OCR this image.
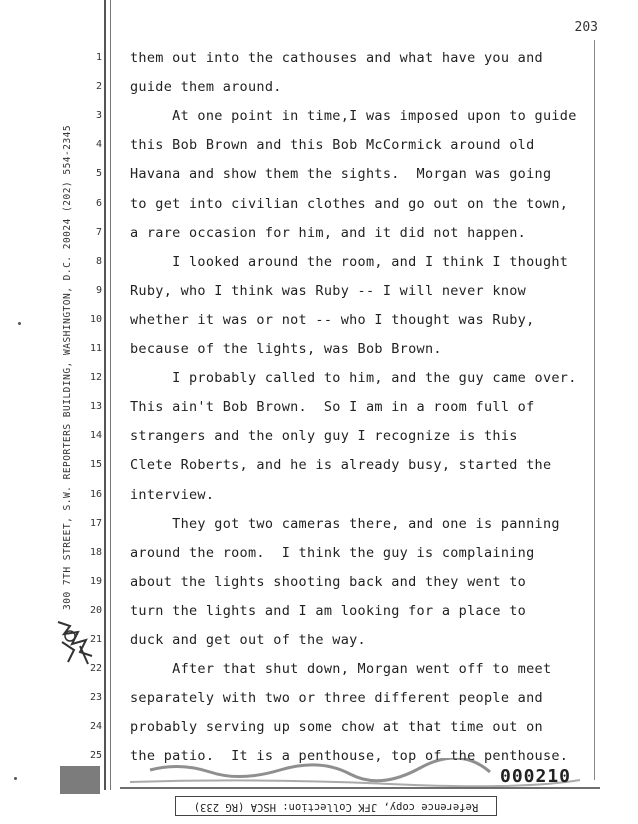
203
300 7TH STREET, S.W. REPORTERS BUILDING, WASHINGTON, D.C. 20024 (202) 554-2345
1 them out into the cathouses and what have you and
2 guide them around.
3 At one point in time,I was imposed upon to guide
4 this Bob Brown and this Bob McCormick around old
5 Havana and show them the sights.  Morgan was going
6 to get into civilian clothes and go out on the town,
7 a rare occasion for him, and it did not happen.
8 I looked around the room, and I think I thought
9 Ruby, who I think was Ruby -- I will never know
10 whether it was or not -- who I thought was Ruby,
11 because of the lights, was Bob Brown.
12 I probably called to him, and the guy came over.
13 This ain't Bob Brown.  So I am in a room full of
14 strangers and the only guy I recognize is this
15 Clete Roberts, and he is already busy, started the
16 interview.
17 They got two cameras there, and one is panning
18 around the room.  I think the guy is complaining
19 about the lights shooting back and they went to
20 turn the lights and I am looking for a place to
21 duck and get out of the way.
22 After that shut down, Morgan went off to meet
23 separately with two or three different people and
24 probably serving up some chow at that time out on
25 the patio.  It is a penthouse, top of the penthouse.
000210
Reference copy, JFK Collection: HSCA (RG 233)
